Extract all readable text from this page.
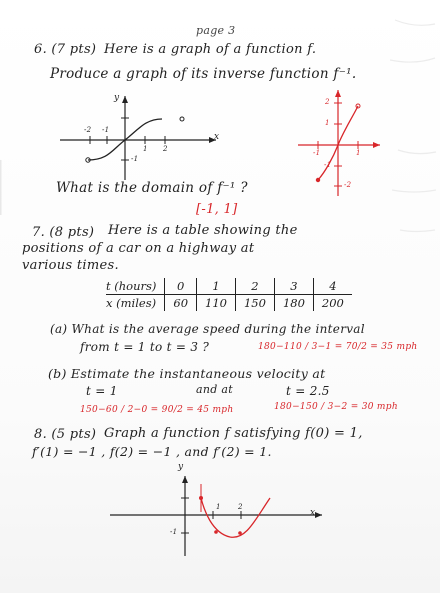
page 3
6. (7 pts) Here is a graph of a function f.
Produce a graph of its inverse function f⁻¹.
y
x
-2 -1
1 2
-1
2
1
-1	1
-1
-2
What is the domain of f⁻¹ ?
[-1, 1]
7. (8 pts) Here is a table showing the
positions of a car on a highway at
various times.
t (hours)	0	1	2	3	4
x (miles)	60	110	150	180	200
(a) What is the average speed during the interval
from t = 1 to t = 3 ?	180−110 / 3−1 = 70/2 = 35 mph
(b) Estimate the instantaneous velocity at
t = 1	and at	t = 2.5
150−60 / 2−0 = 90/2 = 45 mph	180−150 / 3−2 = 30 mph
8. (5 pts) Graph a function f satisfying f(0) = 1,
f′(1) = −1 , f(2) = −1 , and f′(2) = 1.
y
x
1 2
-1
